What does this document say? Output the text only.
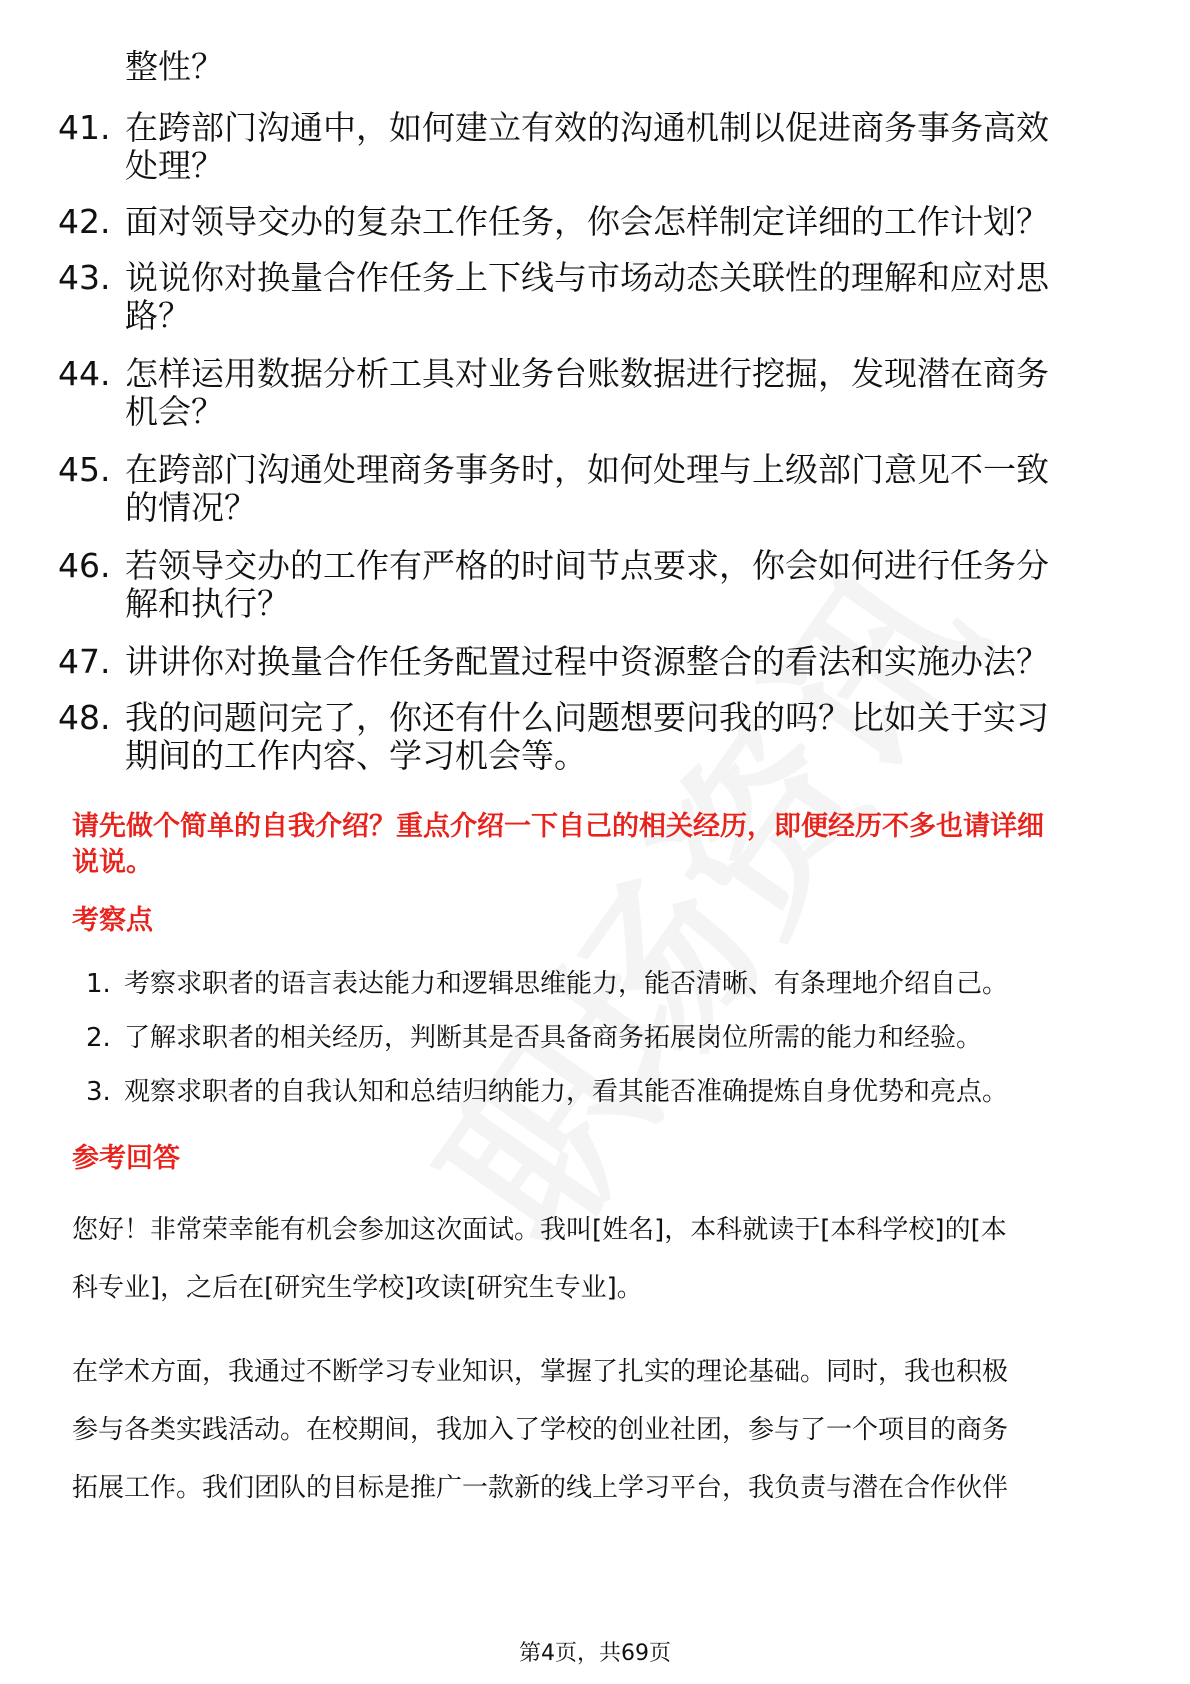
整性？
41. 在跨部门沟通中，如何建立有效的沟通机制以促进商务事务高效
处理？
42. 面对领导交办的复杂工作任务，你会怎样制定详细的工作计划？
43. 说说你对换量合作任务上下线与市场动态关联性的理解和应对思
路？
44. 怎样运用数据分析工具对业务台账数据进行挖掘，发现潜在商务
机会？
45. 在跨部门沟通处理商务事务时，如何处理与上级部门意见不一致
的情况？
46. 若领导交办的工作有严格的时间节点要求，你会如何进行任务分
解和执行？
47. 讲讲你对换量合作任务配置过程中资源整合的看法和实施办法？
48. 我的问题问完了，你还有什么问题想要问我的吗？比如关于实习
期间的工作内容、学习机会等。
请先做个简单的自我介绍？重点介绍一下自己的相关经历，即便经历不多也请详细
说说。
考察点
1. 考察求职者的语言表达能力和逻辑思维能力，能否清晰、有条理地介绍自己。
2. 了解求职者的相关经历，判断其是否具备商务拓展岗位所需的能力和经验。
3. 观察求职者的自我认知和总结归纳能力，看其能否准确提炼自身优势和亮点。
参考回答
您好！非常荣幸能有机会参加这次面试。我叫[姓名]，本科就读于[本科学校]的[本
科专业]，之后在[研究生学校]攻读[研究生专业]。
在学术方面，我通过不断学习专业知识，掌握了扎实的理论基础。同时，我也积极
参与各类实践活动。在校期间，我加入了学校的创业社团，参与了一个项目的商务
拓展工作。我们团队的目标是推广一款新的线上学习平台，我负责与潜在合作伙伴
第4页，共69页
